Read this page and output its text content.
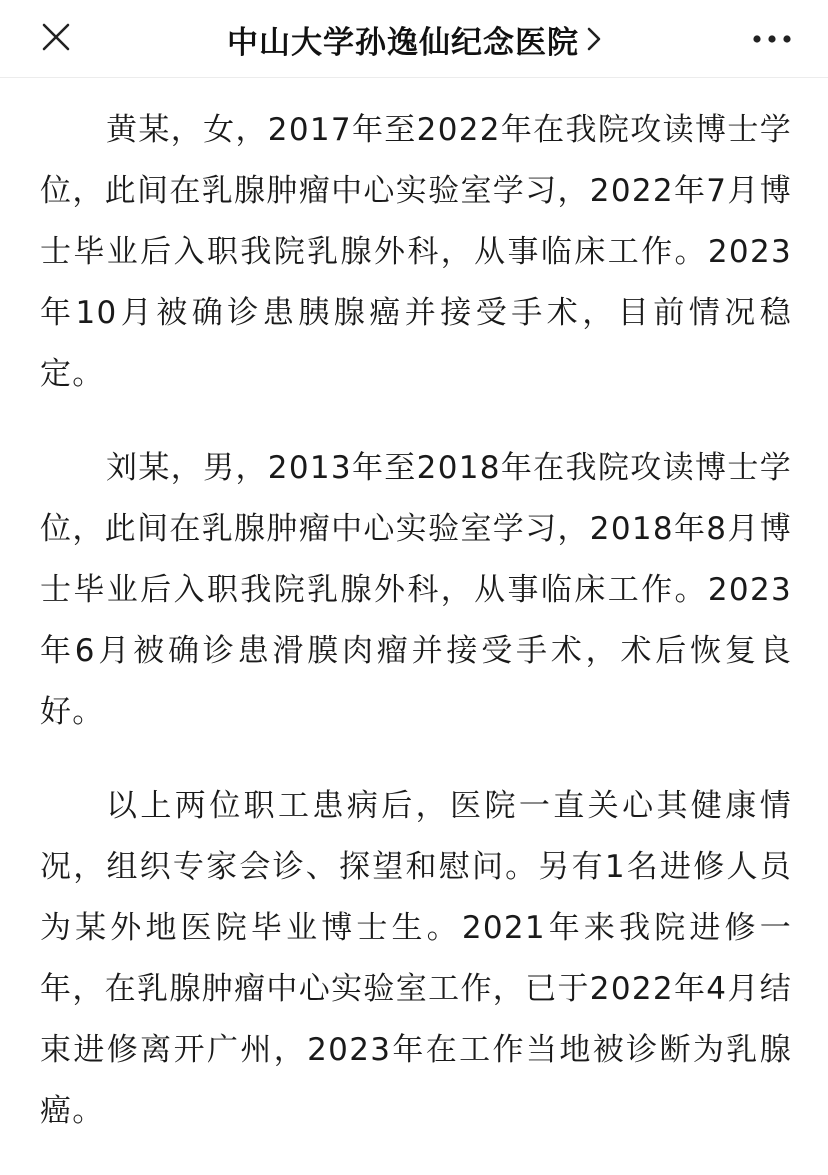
中山大学孙逸仙纪念医院

黄某，女，2017年至2022年在我院攻读博士学位，此间在乳腺肿瘤中心实验室学习，2022年7月博士毕业后入职我院乳腺外科，从事临床工作。2023年10月被确诊患胰腺癌并接受手术，目前情况稳定。

刘某，男，2013年至2018年在我院攻读博士学位，此间在乳腺肿瘤中心实验室学习，2018年8月博士毕业后入职我院乳腺外科，从事临床工作。2023年6月被确诊患滑膜肉瘤并接受手术，术后恢复良好。

以上两位职工患病后，医院一直关心其健康情况，组织专家会诊、探望和慰问。另有1名进修人员为某外地医院毕业博士生。2021年来我院进修一年，在乳腺肿瘤中心实验室工作，已于2022年4月结束进修离开广州，2023年在工作当地被诊断为乳腺癌。
